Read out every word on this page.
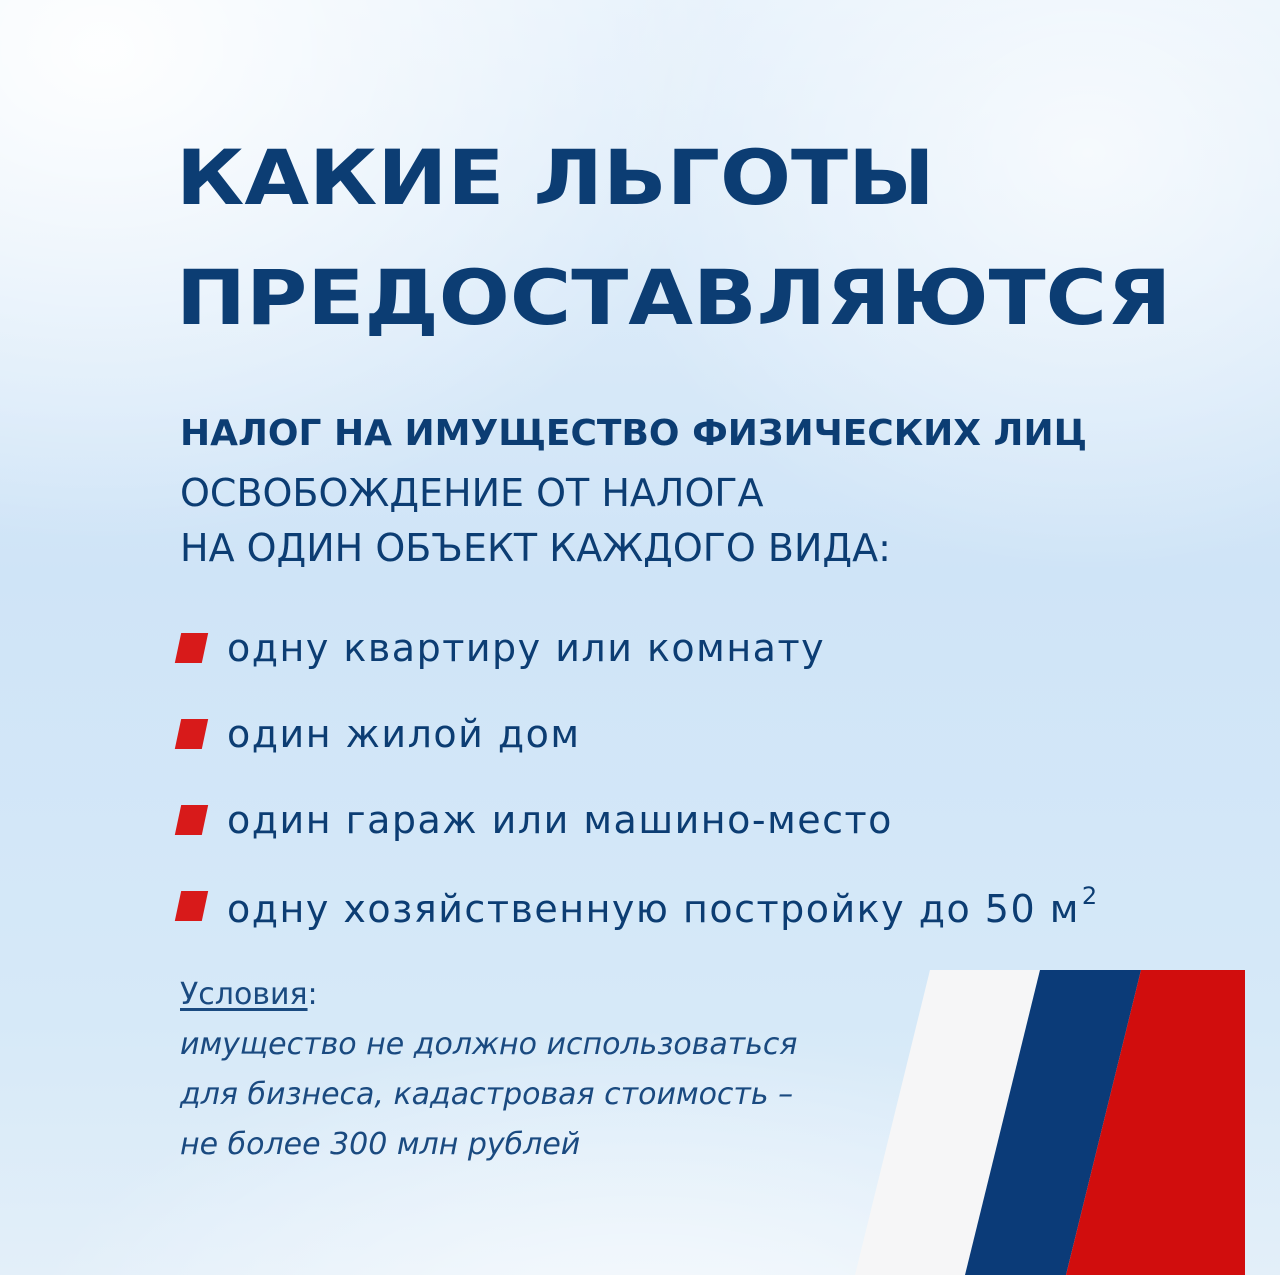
КАКИЕ ЛЬГОТЫ
ПРЕДОСТАВЛЯЮТСЯ
НАЛОГ НА ИМУЩЕСТВО ФИЗИЧЕСКИХ ЛИЦ
ОСВОБОЖДЕНИЕ ОТ НАЛОГА
НА ОДИН ОБЪЕКТ КАЖДОГО ВИДА:
одну квартиру или комнату
один жилой дом
один гараж или машино-место
одну хозяйственную постройку до 50 $м^2$
Условия:
имущество не должно использоваться
для бизнеса, кадастровая стоимость –
не более 300 млн рублей
